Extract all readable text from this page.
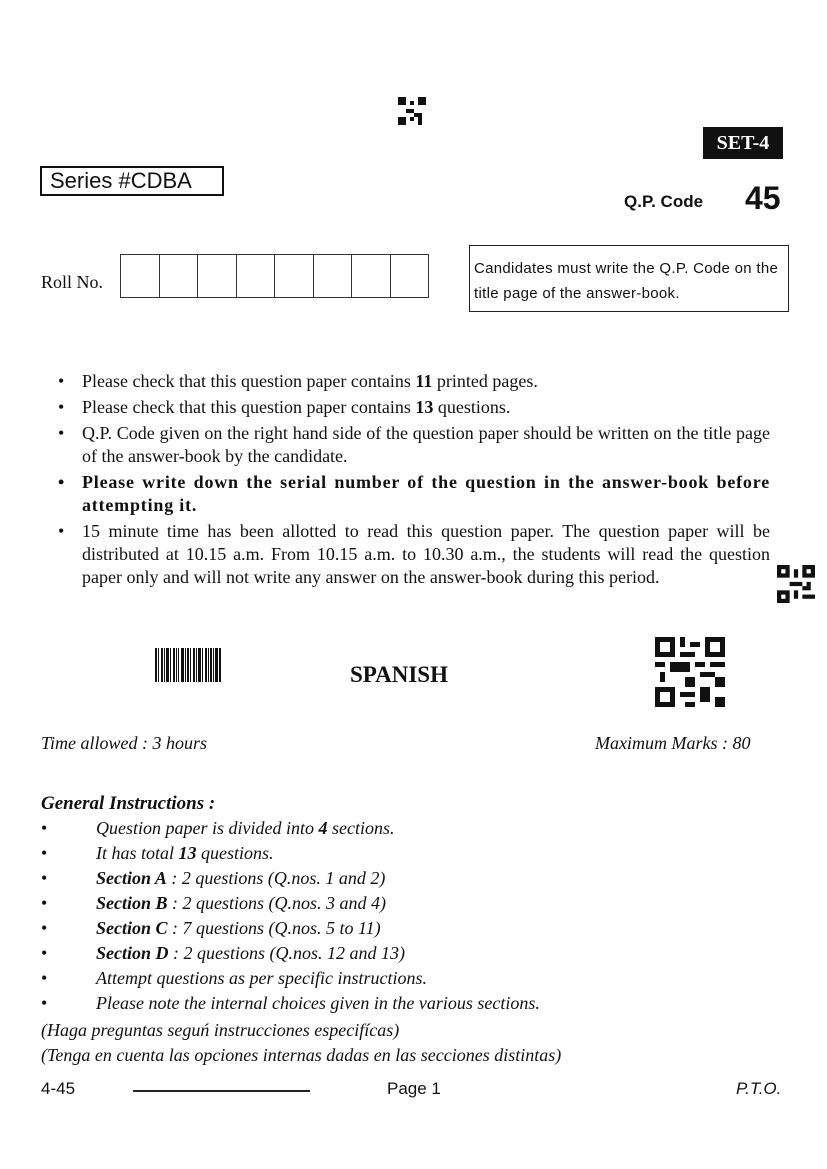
SET-4
Series #CDBA
Q.P. Code 45
Roll No.
Candidates must write the Q.P. Code on the title page of the answer-book.
• Please check that this question paper contains 11 printed pages.
• Please check that this question paper contains 13 questions.
• Q.P. Code given on the right hand side of the question paper should be written on the title page of the answer-book by the candidate.
• Please write down the serial number of the question in the answer-book before attempting it.
• 15 minute time has been allotted to read this question paper. The question paper will be distributed at 10.15 a.m. From 10.15 a.m. to 10.30 a.m., the students will read the question paper only and will not write any answer on the answer-book during this period.
SPANISH
Time allowed : 3 hours	Maximum Marks : 80
General Instructions :
•	Question paper is divided into 4 sections.
•	It has total 13 questions.
•	Section A : 2 questions (Q.nos. 1 and 2)
•	Section B : 2 questions (Q.nos. 3 and 4)
•	Section C : 7 questions (Q.nos. 5 to 11)
•	Section D : 2 questions (Q.nos. 12 and 13)
•	Attempt questions as per specific instructions.
•	Please note the internal choices given in the various sections.
(Haga preguntas seguń instrucciones especifícas)
(Tenga en cuenta las opciones internas dadas en las secciones distintas)
4-45	Page 1	P.T.O.
